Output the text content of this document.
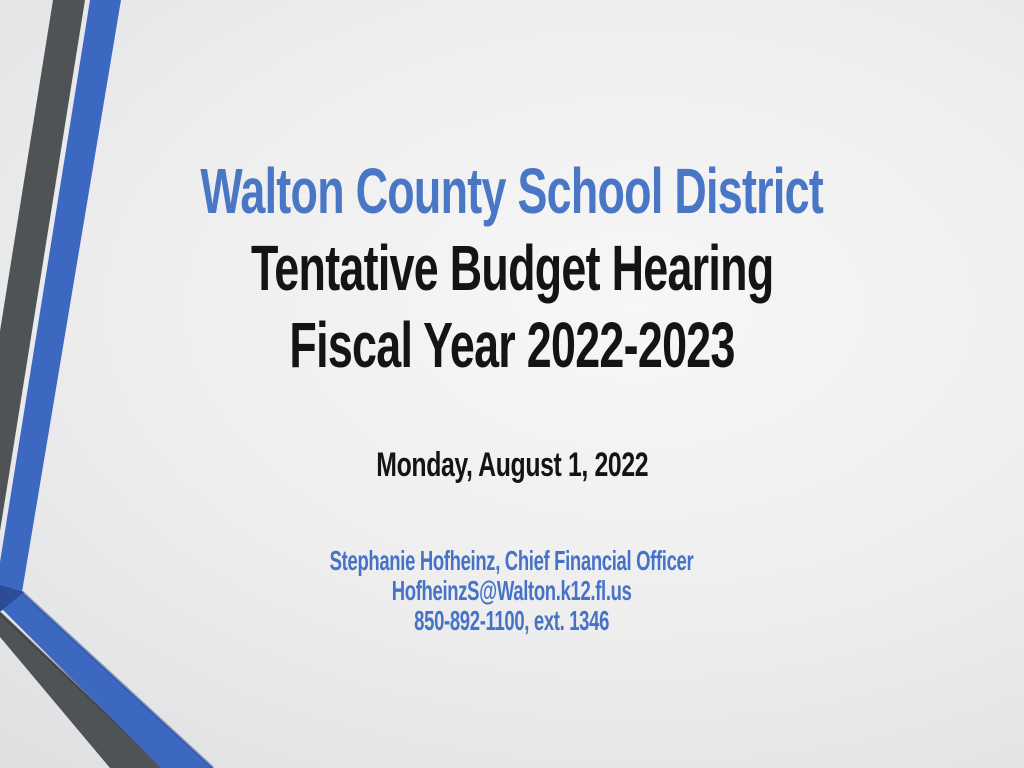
Walton County School District
Tentative Budget Hearing
Fiscal Year 2022-2023
Monday, August 1, 2022
Stephanie Hofheinz, Chief Financial Officer
HofheinzS@Walton.k12.fl.us
850-892-1100, ext. 1346
